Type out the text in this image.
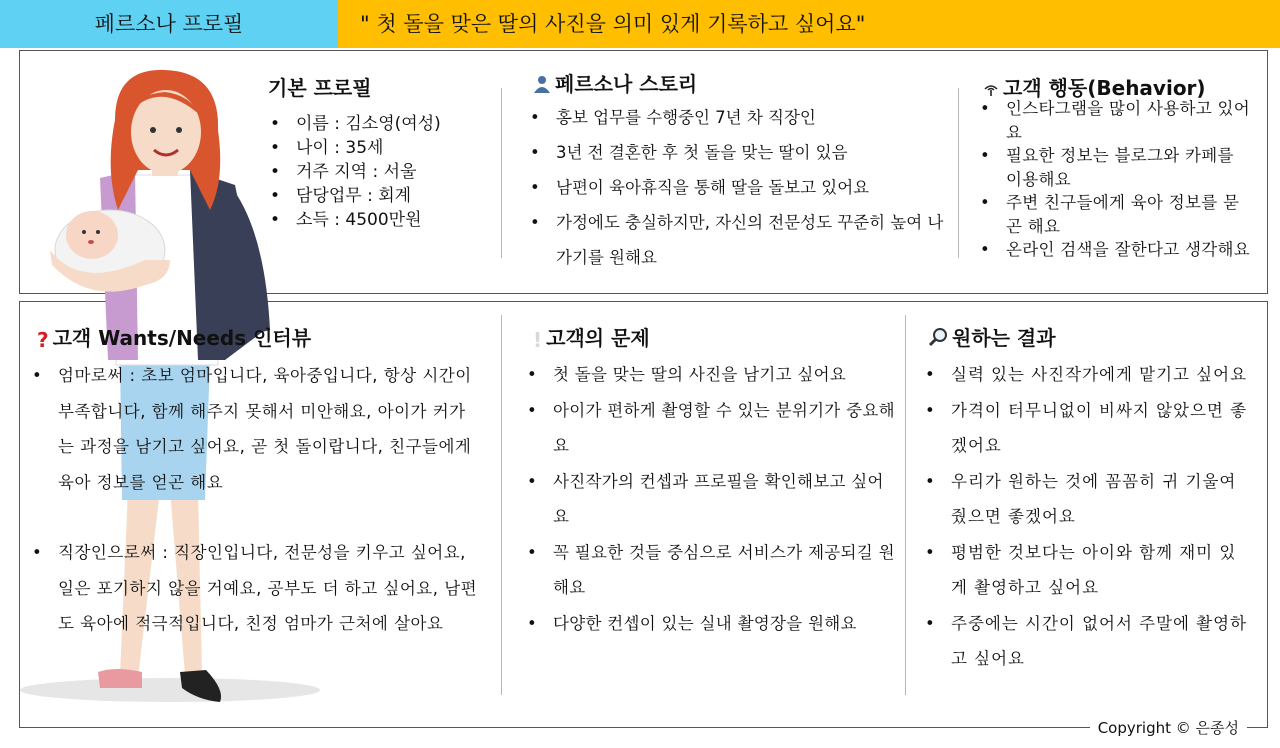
페르소나 프로필	" 첫 돌을 맞은 딸의 사진을 의미 있게 기록하고 싶어요"
기본 프로필
• 이름 : 김소영(여성)
• 나이 : 35세
• 거주 지역 : 서울
• 담당업무 : 회계
• 소득 : 4500만원
페르소나 스토리
• 홍보 업무를 수행중인 7년 차 직장인
• 3년 전 결혼한 후 첫 돌을 맞는 딸이 있음
• 남편이 육아휴직을 통해 딸을 돌보고 있어요
• 가정에도 충실하지만, 자신의 전문성도 꾸준히 높여 나가기를 원해요
고객 행동(Behavior)
• 인스타그램을 많이 사용하고 있어요
• 필요한 정보는 블로그와 카페를 이용해요
• 주변 친구들에게 육아 정보를 묻곤 해요
• 온라인 검색을 잘한다고 생각해요
? 고객 Wants/Needs 인터뷰
• 엄마로써 : 초보 엄마입니다, 육아중입니다, 항상 시간이 부족합니다, 함께 해주지 못해서 미안해요, 아이가 커가는 과정을 남기고 싶어요, 곧 첫 돌이랍니다, 친구들에게 육아 정보를 얻곤 해요
• 직장인으로써 : 직장인입니다, 전문성을 키우고 싶어요, 일은 포기하지 않을 거예요, 공부도 더 하고 싶어요, 남편도 육아에 적극적입니다, 친정 엄마가 근처에 살아요
! 고객의 문제
• 첫 돌을 맞는 딸의 사진을 남기고 싶어요
• 아이가 편하게 촬영할 수 있는 분위기가 중요해요
• 사진작가의 컨셉과 프로필을 확인해보고 싶어요
• 꼭 필요한 것들 중심으로 서비스가 제공되길 원해요
• 다양한 컨셉이 있는 실내 촬영장을 원해요
원하는 결과
• 실력 있는 사진작가에게 맡기고 싶어요
• 가격이 터무니없이 비싸지 않았으면 좋겠어요
• 우리가 원하는 것에 꼼꼼히 귀 기울여 줬으면 좋겠어요
• 평범한 것보다는 아이와 함께 재미 있게 촬영하고 싶어요
• 주중에는 시간이 없어서 주말에 촬영하고 싶어요
Copyright © 은종성
